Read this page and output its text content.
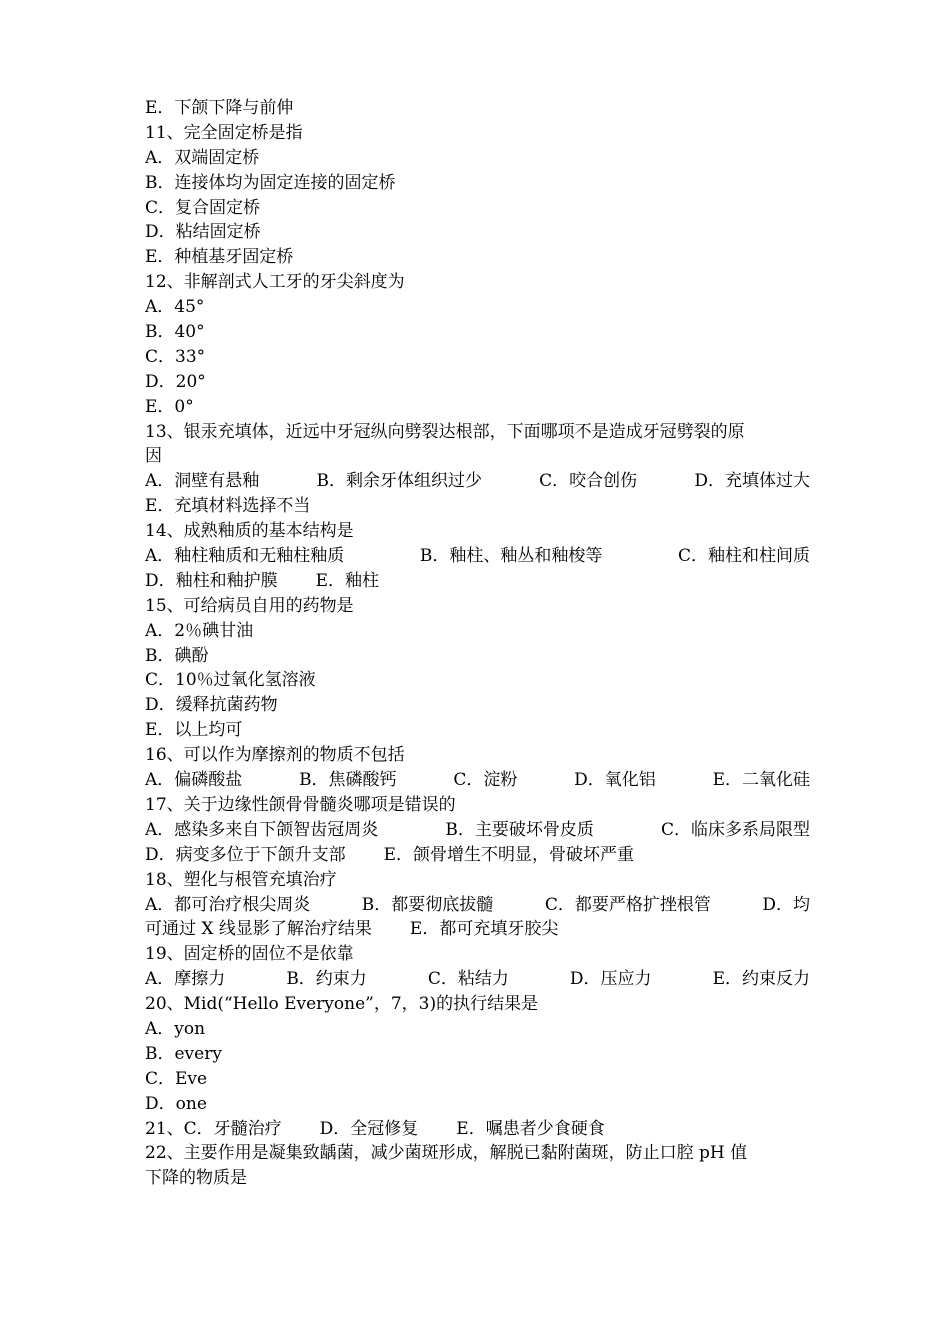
E．下颌下降与前伸
11、完全固定桥是指
A．双端固定桥
B．连接体均为固定连接的固定桥
C．复合固定桥
D．粘结固定桥
E．种植基牙固定桥
12、非解剖式人工牙的牙尖斜度为
A．45°
B．40°
C．33°
D．20°
E．0°
13、银汞充填体，近远中牙冠纵向劈裂达根部，下面哪项不是造成牙冠劈裂的原
因
A．洞壁有悬釉	B．剩余牙体组织过少	C．咬合创伤	D．充填体过大
E．充填材料选择不当
14、成熟釉质的基本结构是
A．釉柱釉质和无釉柱釉质	B．釉柱、釉丛和釉梭等	C．釉柱和柱间质
D．釉柱和釉护膜 E．釉柱
15、可给病员自用的药物是
A．2％碘甘油
B．碘酚
C．10％过氧化氢溶液
D．缓释抗菌药物
E．以上均可
16、可以作为摩擦剂的物质不包括
A．偏磷酸盐	B．焦磷酸钙	C．淀粉	D．氧化铝	E．二氧化硅
17、关于边缘性颌骨骨髓炎哪项是错误的
A．感染多来自下颌智齿冠周炎	B．主要破坏骨皮质	C．临床多系局限型
D．病变多位于下颌升支部 E．颌骨增生不明显，骨破坏严重
18、塑化与根管充填治疗
A．都可治疗根尖周炎	B．都要彻底拔髓	C．都要严格扩挫根管	D．均
可通过 X 线显影了解治疗结果 E．都可充填牙胶尖
19、固定桥的固位不是依靠
A．摩擦力	B．约束力	C．粘结力	D．压应力	E．约束反力
20、Mid(“Hello Everyone”，7，3)的执行结果是
A．yon
B．every
C．Eve
D．one
21、C．牙髓治疗 D．全冠修复 E．嘱患者少食硬食
22、主要作用是凝集致龋菌，减少菌斑形成，解脱已黏附菌斑，防止口腔 pH 值
下降的物质是
